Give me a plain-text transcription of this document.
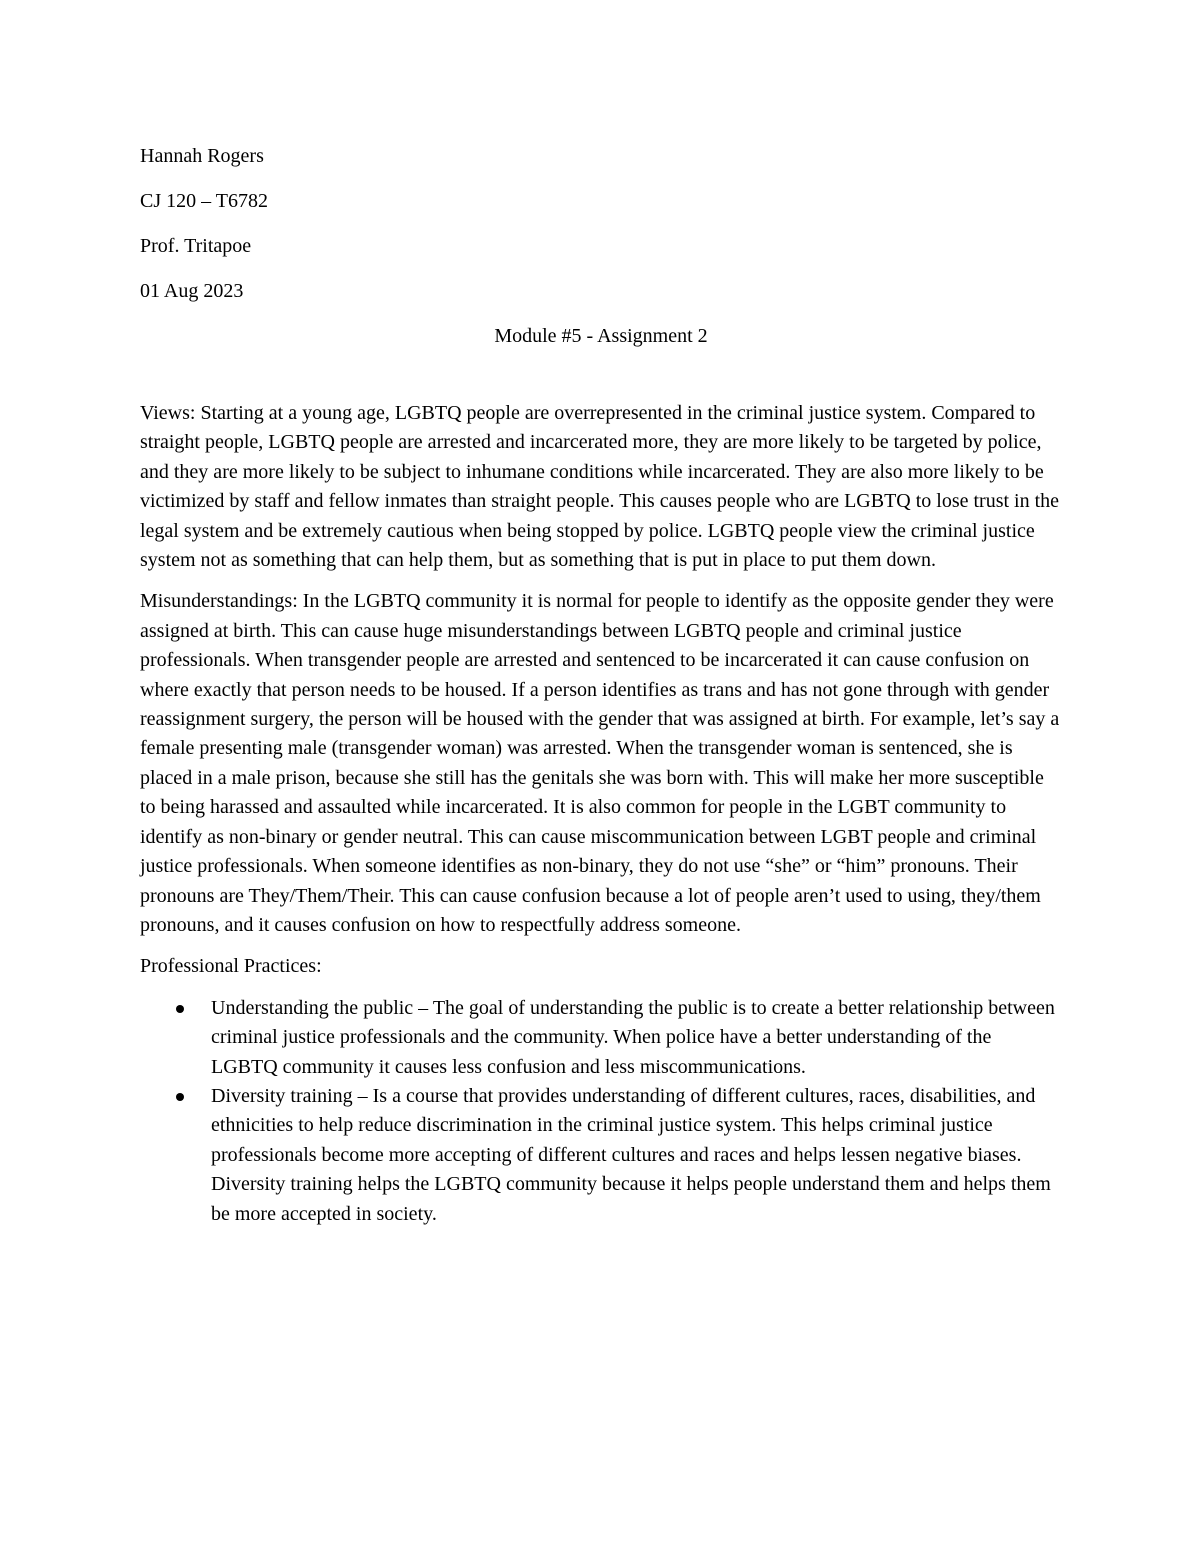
Hannah Rogers

CJ 120 – T6782

Prof. Tritapoe

01 Aug 2023

Module #5 - Assignment 2

Views: Starting at a young age, LGBTQ people are overrepresented in the criminal justice system. Compared to straight people, LGBTQ people are arrested and incarcerated more, they are more likely to be targeted by police, and they are more likely to be subject to inhumane conditions while incarcerated. They are also more likely to be victimized by staff and fellow inmates than straight people. This causes people who are LGBTQ to lose trust in the legal system and be extremely cautious when being stopped by police. LGBTQ people view the criminal justice system not as something that can help them, but as something that is put in place to put them down.

Misunderstandings: In the LGBTQ community it is normal for people to identify as the opposite gender they were assigned at birth. This can cause huge misunderstandings between LGBTQ people and criminal justice professionals. When transgender people are arrested and sentenced to be incarcerated it can cause confusion on where exactly that person needs to be housed. If a person identifies as trans and has not gone through with gender reassignment surgery, the person will be housed with the gender that was assigned at birth. For example, let’s say a female presenting male (transgender woman) was arrested. When the transgender woman is sentenced, she is placed in a male prison, because she still has the genitals she was born with. This will make her more susceptible to being harassed and assaulted while incarcerated. It is also common for people in the LGBT community to identify as non-binary or gender neutral. This can cause miscommunication between LGBT people and criminal justice professionals. When someone identifies as non-binary, they do not use “she” or “him” pronouns. Their pronouns are They/Them/Their. This can cause confusion because a lot of people aren’t used to using, they/them pronouns, and it causes confusion on how to respectfully address someone.

Professional Practices:

Understanding the public – The goal of understanding the public is to create a better relationship between criminal justice professionals and the community. When police have a better understanding of the LGBTQ community it causes less confusion and less miscommunications.
Diversity training – Is a course that provides understanding of different cultures, races, disabilities, and ethnicities to help reduce discrimination in the criminal justice system. This helps criminal justice professionals become more accepting of different cultures and races and helps lessen negative biases. Diversity training helps the LGBTQ community because it helps people understand them and helps them be more accepted in society.
